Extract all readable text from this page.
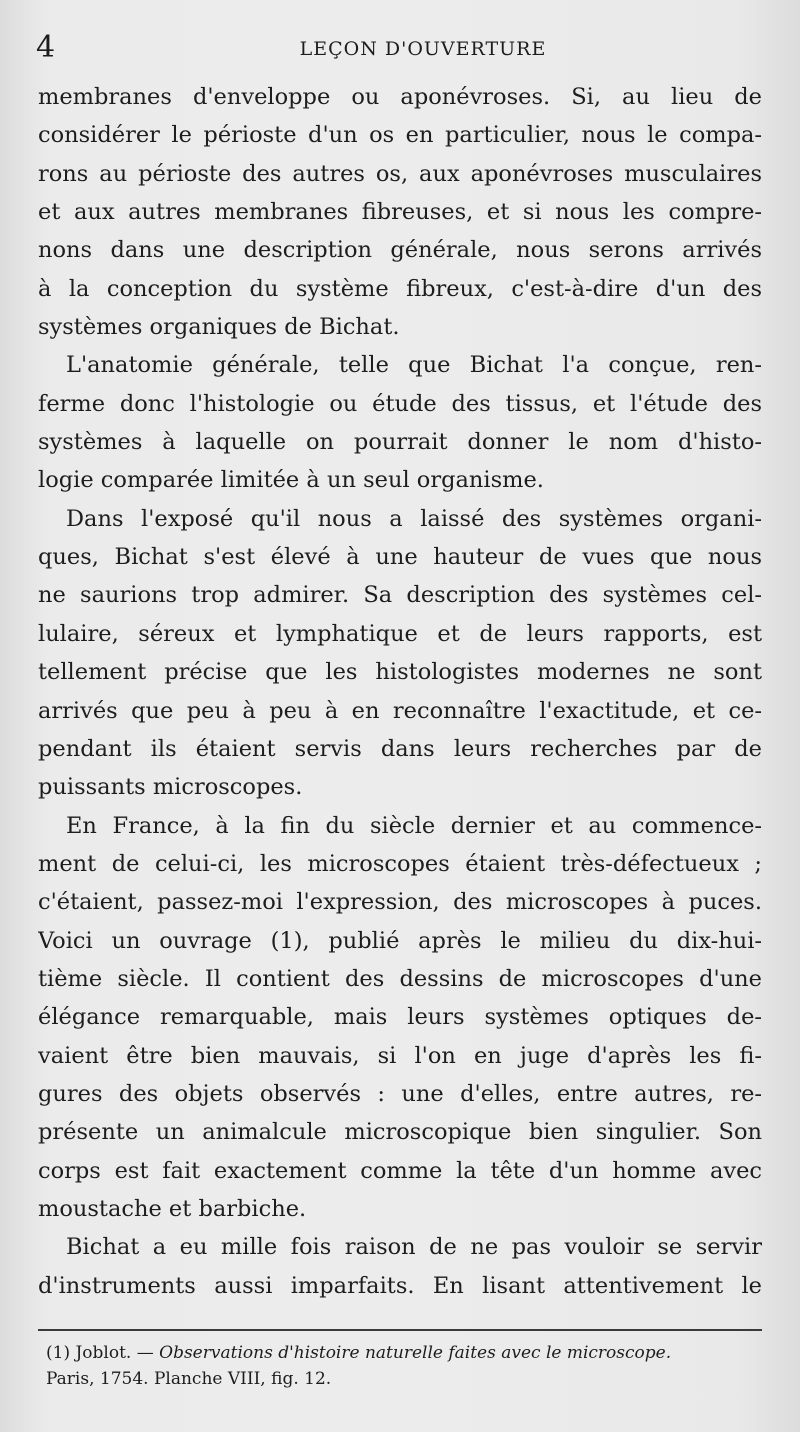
4	LEÇON D'OUVERTURE
membranes d'enveloppe ou aponévroses. Si, au lieu de
considérer le périoste d'un os en particulier, nous le compa-
rons au périoste des autres os, aux aponévroses musculaires
et aux autres membranes fibreuses, et si nous les compre-
nons dans une description générale, nous serons arrivés
à la conception du système fibreux, c'est-à-dire d'un des
systèmes organiques de Bichat.
L'anatomie générale, telle que Bichat l'a conçue, ren-
ferme donc l'histologie ou étude des tissus, et l'étude des
systèmes à laquelle on pourrait donner le nom d'histo-
logie comparée limitée à un seul organisme.
Dans l'exposé qu'il nous a laissé des systèmes organi-
ques, Bichat s'est élevé à une hauteur de vues que nous
ne saurions trop admirer. Sa description des systèmes cel-
lulaire, séreux et lymphatique et de leurs rapports, est
tellement précise que les histologistes modernes ne sont
arrivés que peu à peu à en reconnaître l'exactitude, et ce-
pendant ils étaient servis dans leurs recherches par de
puissants microscopes.
En France, à la fin du siècle dernier et au commence-
ment de celui-ci, les microscopes étaient très-défectueux ;
c'étaient, passez-moi l'expression, des microscopes à puces.
Voici un ouvrage (1), publié après le milieu du dix-hui-
tième siècle. Il contient des dessins de microscopes d'une
élégance remarquable, mais leurs systèmes optiques de-
vaient être bien mauvais, si l'on en juge d'après les fi-
gures des objets observés : une d'elles, entre autres, re-
présente un animalcule microscopique bien singulier. Son
corps est fait exactement comme la tête d'un homme avec
moustache et barbiche.
Bichat a eu mille fois raison de ne pas vouloir se servir
d'instruments aussi imparfaits. En lisant attentivement le
(1) Joblot. — Observations d'histoire naturelle faites avec le microscope.
Paris, 1754. Planche VIII, fig. 12.
